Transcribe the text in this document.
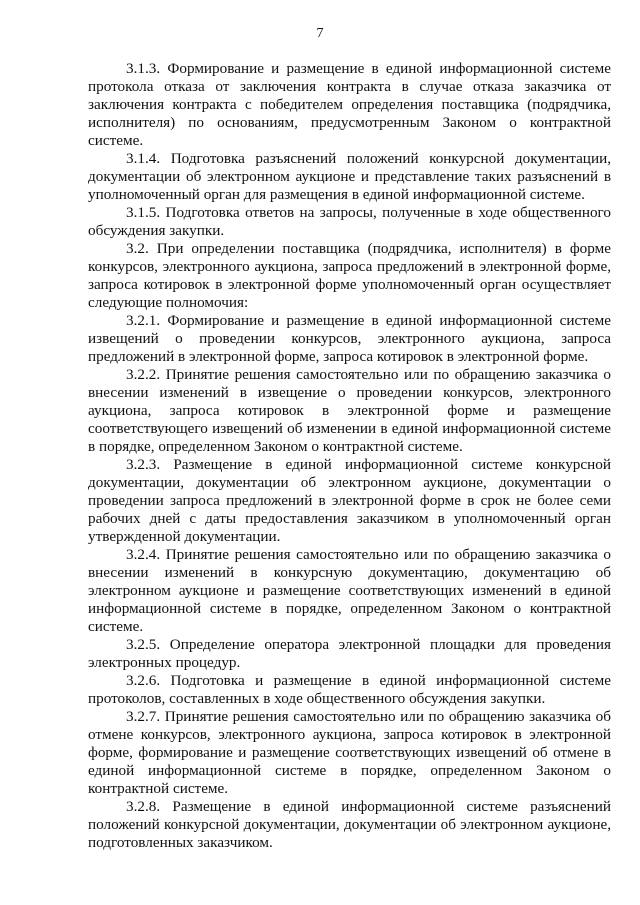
7

3.1.3. Формирование и размещение в единой информационной системе протокола отказа от заключения контракта в случае отказа заказчика от заключения контракта с победителем определения поставщика (подрядчика, исполнителя) по основаниям, предусмотренным Законом о контрактной системе.

3.1.4. Подготовка разъяснений положений конкурсной документации, документации об электронном аукционе и представление таких разъяснений в уполномоченный орган для размещения в единой информационной системе.

3.1.5. Подготовка ответов на запросы, полученные в ходе общественного обсуждения закупки.

3.2. При определении поставщика (подрядчика, исполнителя) в форме конкурсов, электронного аукциона, запроса предложений в электронной форме, запроса котировок в электронной форме уполномоченный орган осуществляет следующие полномочия:

3.2.1. Формирование и размещение в единой информационной системе извещений о проведении конкурсов, электронного аукциона, запроса предложений в электронной форме, запроса котировок в электронной форме.

3.2.2. Принятие решения самостоятельно или по обращению заказчика о внесении изменений в извещение о проведении конкурсов, электронного аукциона, запроса котировок в электронной форме и размещение соответствующего извещений об изменении в единой информационной системе в порядке, определенном Законом о контрактной системе.

3.2.3. Размещение в единой информационной системе конкурсной документации, документации об электронном аукционе, документации о проведении запроса предложений в электронной форме в срок не более семи рабочих дней с даты предоставления заказчиком в уполномоченный орган утвержденной документации.

3.2.4. Принятие решения самостоятельно или по обращению заказчика о внесении изменений в конкурсную документацию, документацию об электронном аукционе и размещение соответствующих изменений в единой информационной системе в порядке, определенном Законом о контрактной системе.

3.2.5. Определение оператора электронной площадки для проведения электронных процедур.

3.2.6. Подготовка и размещение в единой информационной системе протоколов, составленных в ходе общественного обсуждения закупки.

3.2.7. Принятие решения самостоятельно или по обращению заказчика об отмене конкурсов, электронного аукциона, запроса котировок в электронной форме, формирование и размещение соответствующих извещений об отмене в единой информационной системе в порядке, определенном Законом о контрактной системе.

3.2.8. Размещение в единой информационной системе разъяснений положений конкурсной документации, документации об электронном аукционе, подготовленных заказчиком.
